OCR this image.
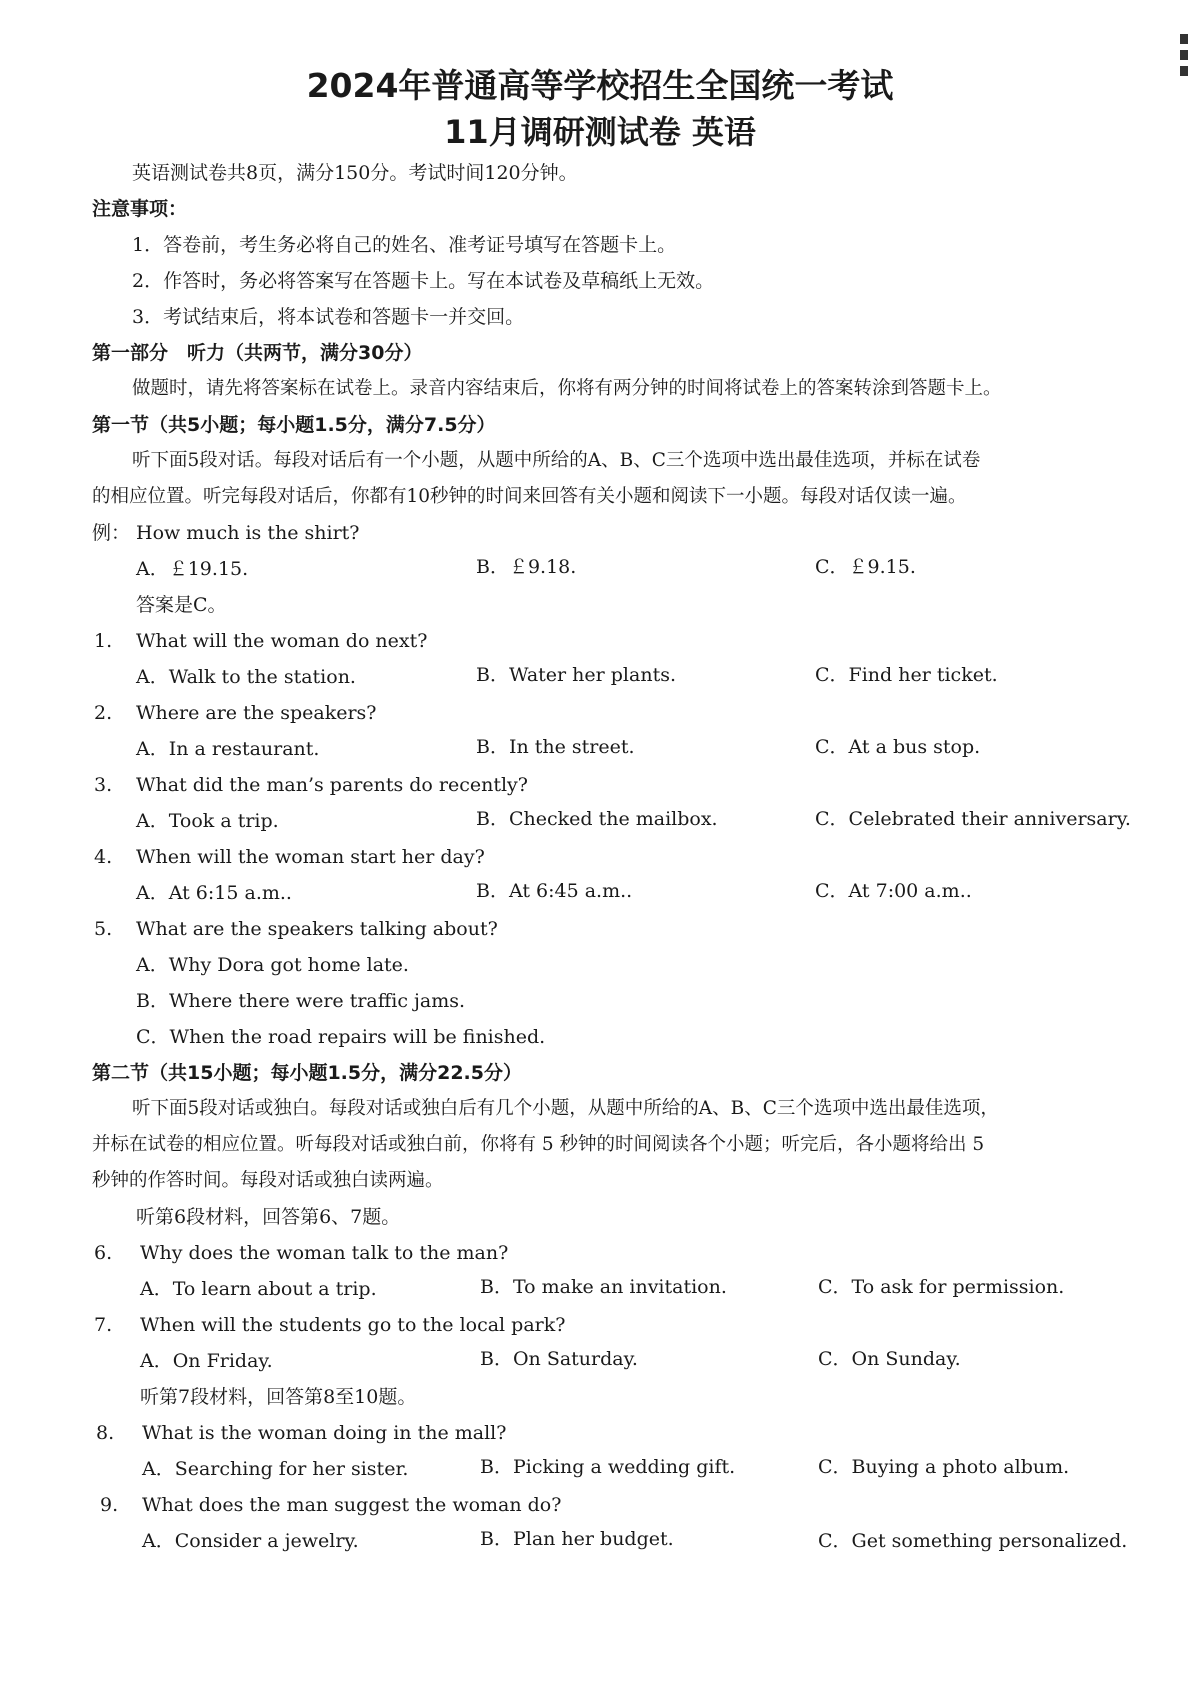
2024年普通高等学校招生全国统一考试
11月调研测试卷 英语
英语测试卷共8页，满分150分。考试时间120分钟。
注意事项：
1．答卷前，考生务必将自己的姓名、准考证号填写在答题卡上。
2．作答时，务必将答案写在答题卡上。写在本试卷及草稿纸上无效。
3．考试结束后，将本试卷和答题卡一并交回。
第一部分　听力（共两节，满分30分）
做题时，请先将答案标在试卷上。录音内容结束后，你将有两分钟的时间将试卷上的答案转涂到答题卡上。
第一节（共5小题；每小题1.5分，满分7.5分）
听下面5段对话。每段对话后有一个小题，从题中所给的A、B、C三个选项中选出最佳选项，并标在试卷
的相应位置。听完每段对话后，你都有10秒钟的时间来回答有关小题和阅读下一小题。每段对话仅读一遍。
例： How much is the shirt?
A．￡19.15.	B．￡9.18.	C．￡9.15.
答案是C。
1. What will the woman do next?
A．Walk to the station.	B．Water her plants.	C．Find her ticket.
2. Where are the speakers?
A．In a restaurant.	B．In the street.	C．At a bus stop.
3. What did the man’s parents do recently?
A．Took a trip.	B．Checked the mailbox.	C．Celebrated their anniversary.
4. When will the woman start her day?
A．At 6:15 a.m..	B．At 6:45 a.m..	C．At 7:00 a.m..
5. What are the speakers talking about?
A．Why Dora got home late.
B．Where there were traffic jams.
C．When the road repairs will be finished.
第二节（共15小题；每小题1.5分，满分22.5分）
听下面5段对话或独白。每段对话或独白后有几个小题，从题中所给的A、B、C三个选项中选出最佳选项，
并标在试卷的相应位置。听每段对话或独白前，你将有 5 秒钟的时间阅读各个小题；听完后，各小题将给出 5
秒钟的作答时间。每段对话或独白读两遍。
听第6段材料，回答第6、7题。
6. Why does the woman talk to the man?
A．To learn about a trip.	B．To make an invitation.	C．To ask for permission.
7. When will the students go to the local park?
A．On Friday.	B．On Saturday.	C．On Sunday.
听第7段材料，回答第8至10题。
8. What is the woman doing in the mall?
A．Searching for her sister.	B．Picking a wedding gift.	C．Buying a photo album.
9. What does the man suggest the woman do?
A．Consider a jewelry.	B．Plan her budget.	C．Get something personalized.
